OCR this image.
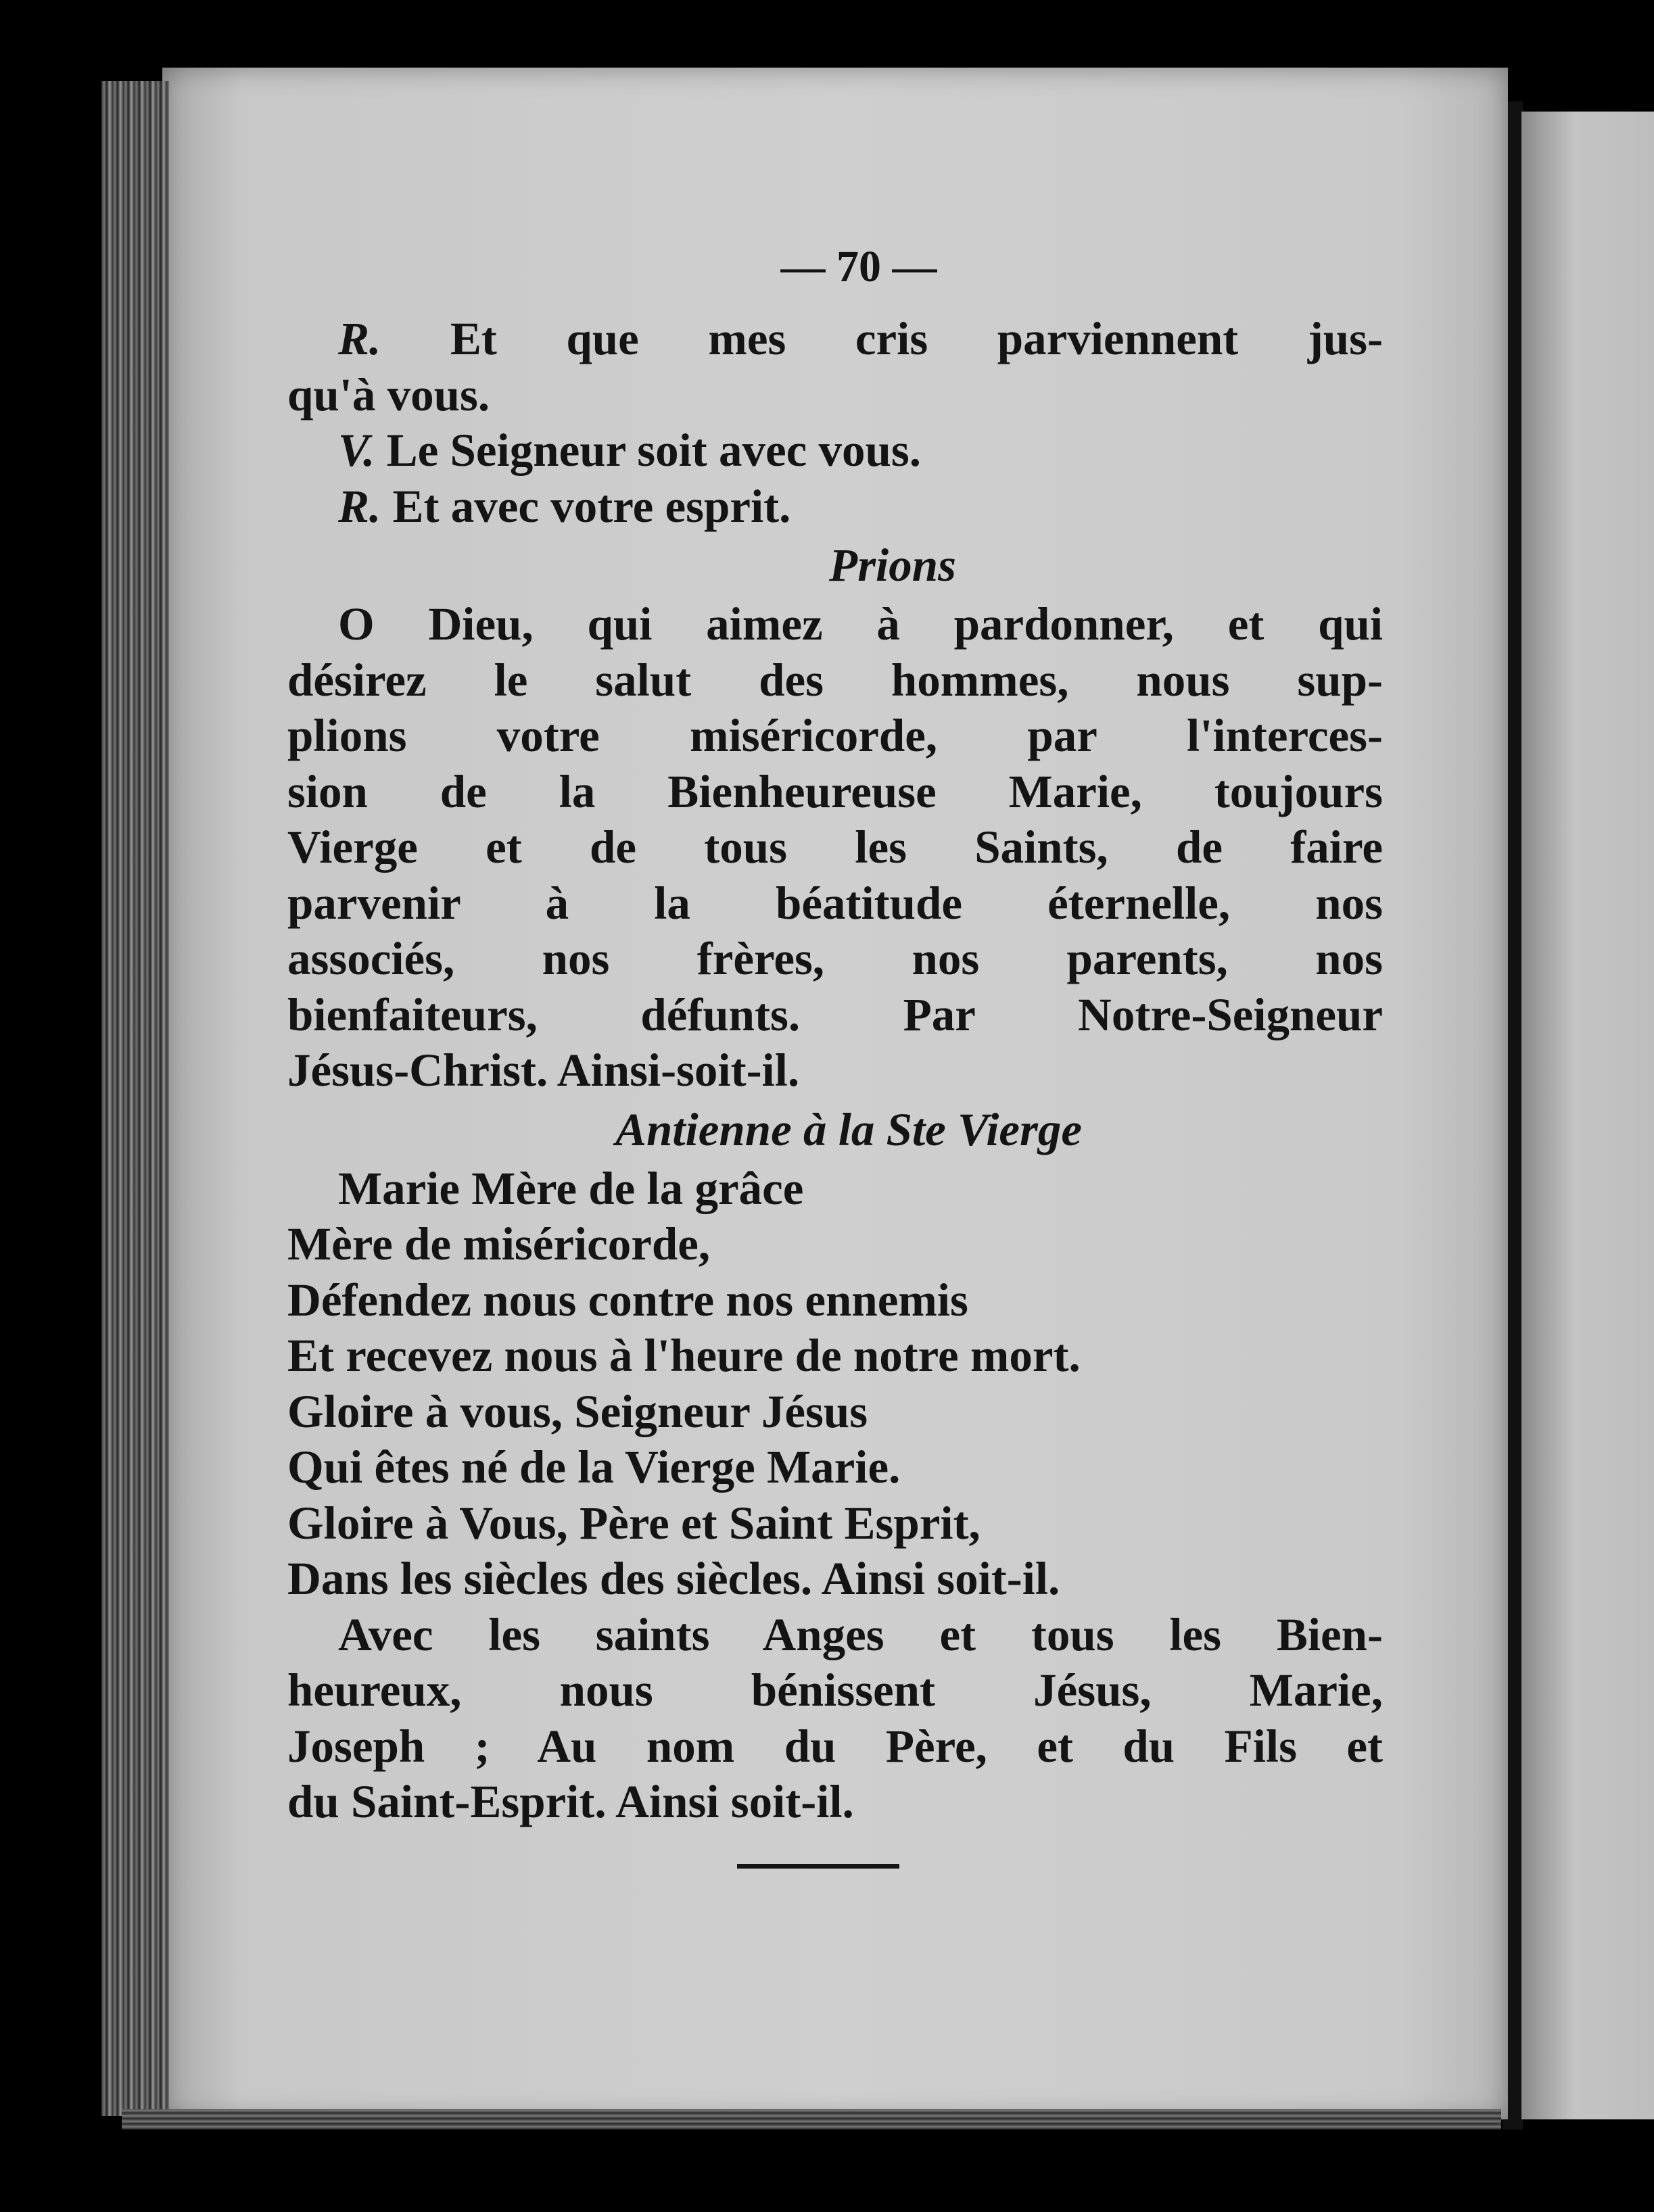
— 70 —
R. Et que mes cris parviennent jus-
qu'à vous.
V. Le Seigneur soit avec vous.
R. Et avec votre esprit.
Prions
O Dieu, qui aimez à pardonner, et qui
désirez le salut des hommes, nous sup-
plions votre miséricorde, par l'interces-
sion de la Bienheureuse Marie, toujours
Vierge et de tous les Saints, de faire
parvenir à la béatitude éternelle, nos
associés, nos frères, nos parents, nos
bienfaiteurs, défunts. Par Notre-Seigneur
Jésus-Christ. Ainsi-soit-il.
Antienne à la Ste Vierge
Marie Mère de la grâce
Mère de miséricorde,
Défendez nous contre nos ennemis
Et recevez nous à l'heure de notre mort.
Gloire à vous, Seigneur Jésus
Qui êtes né de la Vierge Marie.
Gloire à Vous, Père et Saint Esprit,
Dans les siècles des siècles. Ainsi soit-il.
Avec les saints Anges et tous les Bien-
heureux, nous bénissent Jésus, Marie,
Joseph ; Au nom du Père, et du Fils et
du Saint-Esprit. Ainsi soit-il.
